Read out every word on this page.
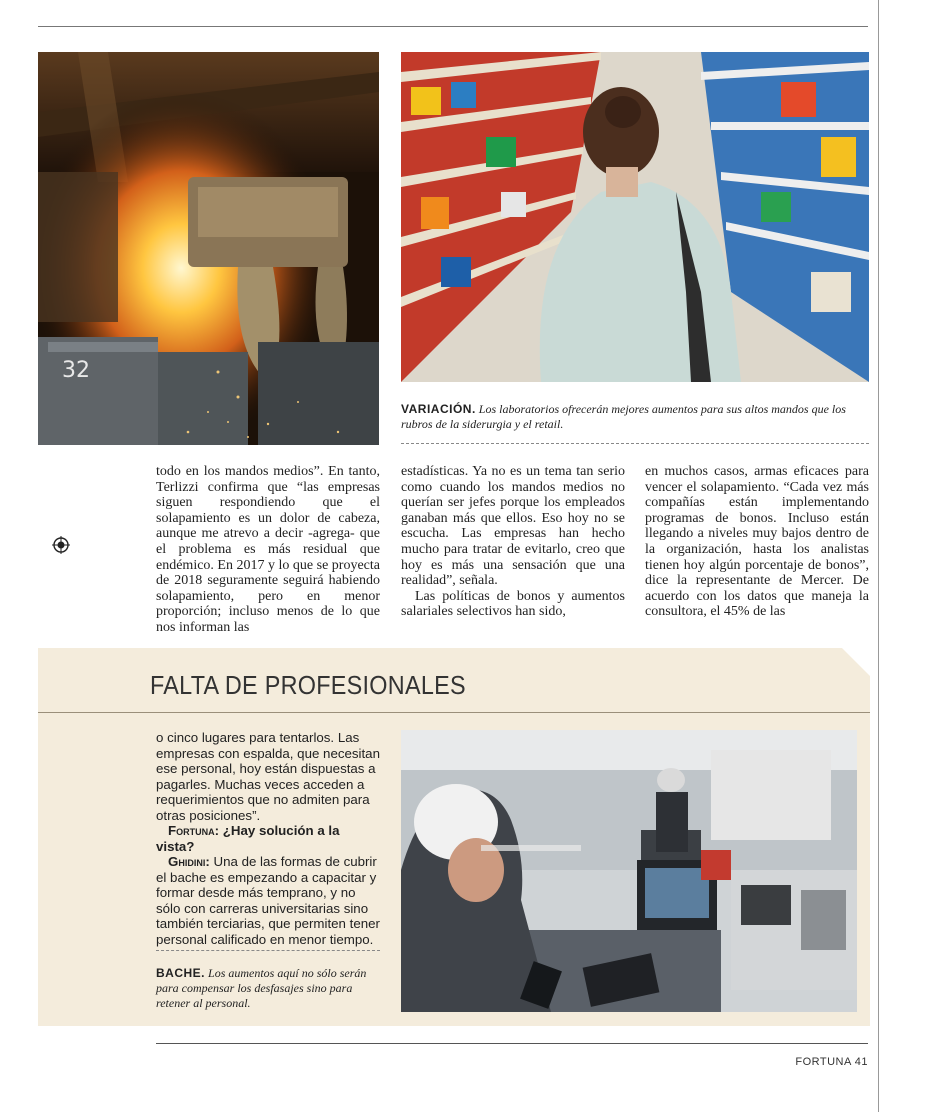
32
VARIACIÓN. Los laboratorios ofrecerán mejores aumentos para sus altos mandos que los rubros de la siderurgia y el retail.

todo en los mandos medios”. En tanto, Terlizzi confirma que “las empresas siguen respondiendo que el solapamiento es un dolor de cabeza, aunque me atrevo a decir -agrega- que el problema es más residual que endémico. En 2017 y lo que se proyecta de 2018 seguramente seguirá habiendo solapamiento, pero en menor proporción; incluso menos de lo que nos informan las

estadísticas. Ya no es un tema tan serio como cuando los mandos medios no querían ser jefes porque los empleados ganaban más que ellos. Eso hoy no se escucha. Las empresas han hecho mucho para tratar de evitarlo, creo que hoy es más una sensación que una realidad”, señala.

Las políticas de bonos y aumentos salariales selectivos han sido,

en muchos casos, armas eficaces para vencer el solapamiento. “Cada vez más compañías están implementando programas de bonos. Incluso están llegando a niveles muy bajos dentro de la organización, hasta los analistas tienen hoy algún porcentaje de bonos”, dice la representante de Mercer. De acuerdo con los datos que maneja la consultora, el 45% de las

FALTA DE PROFESIONALES

o cinco lugares para tentarlos. Las empresas con espalda, que necesitan ese personal, hoy están dispuestas a pagarles. Muchas veces acceden a requerimientos que no admiten para otras posiciones”.

Fortuna: ¿Hay solución a la vista?

Ghidini: Una de las formas de cubrir el bache es empezando a capacitar y formar desde más temprano, y no sólo con carreras universitarias sino también terciarias, que permiten tener personal calificado en menor tiempo.

BACHE. Los aumentos aquí no sólo serán para compensar los desfasajes sino para retener al personal.
FORTUNA 41
